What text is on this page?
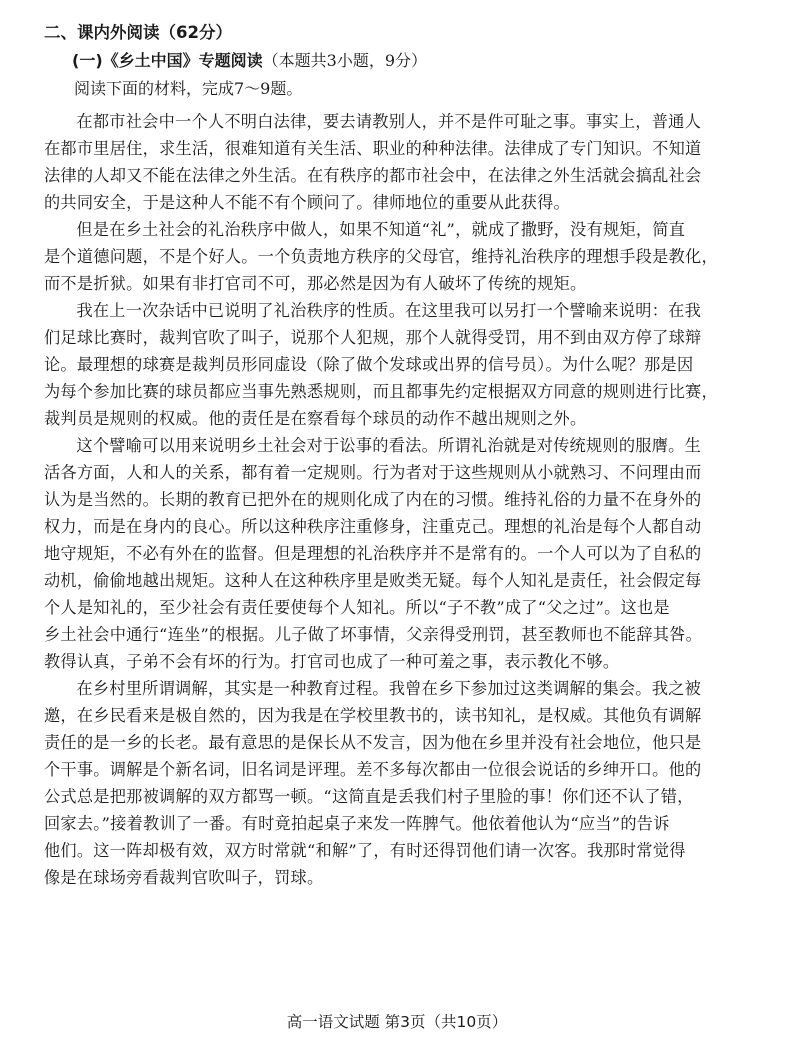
二、课内外阅读（62分）

(一)《乡土中国》专题阅读（本题共3小题，9分）

阅读下面的材料，完成7～9题。

在都市社会中一个人不明白法律，要去请教别人，并不是件可耻之事。事实上，普通人
在都市里居住，求生活，很难知道有关生活、职业的种种法律。法律成了专门知识。不知道
法律的人却又不能在法律之外生活。在有秩序的都市社会中，在法律之外生活就会搞乱社会
的共同安全，于是这种人不能不有个顾问了。律师地位的重要从此获得。

但是在乡土社会的礼治秩序中做人，如果不知道“礼”，就成了撒野，没有规矩，简直
是个道德问题，不是个好人。一个负责地方秩序的父母官，维持礼治秩序的理想手段是教化，
而不是折狱。如果有非打官司不可，那必然是因为有人破坏了传统的规矩。

我在上一次杂话中已说明了礼治秩序的性质。在这里我可以另打一个譬喻来说明：在我
们足球比赛时，裁判官吹了叫子，说那个人犯规，那个人就得受罚，用不到由双方停了球辩
论。最理想的球赛是裁判员形同虚设（除了做个发球或出界的信号员）。为什么呢？那是因
为每个参加比赛的球员都应当事先熟悉规则，而且都事先约定根据双方同意的规则进行比赛，
裁判员是规则的权威。他的责任是在察看每个球员的动作不越出规则之外。

这个譬喻可以用来说明乡土社会对于讼事的看法。所谓礼治就是对传统规则的服膺。生
活各方面，人和人的关系，都有着一定规则。行为者对于这些规则从小就熟习、不问理由而
认为是当然的。长期的教育已把外在的规则化成了内在的习惯。维持礼俗的力量不在身外的
权力，而是在身内的良心。所以这种秩序注重修身，注重克己。理想的礼治是每个人都自动
地守规矩，不必有外在的监督。但是理想的礼治秩序并不是常有的。一个人可以为了自私的
动机，偷偷地越出规矩。这种人在这种秩序里是败类无疑。每个人知礼是责任，社会假定每
个人是知礼的，至少社会有责任要使每个人知礼。所以“子不教”成了“父之过”。这也是
乡土社会中通行“连坐”的根据。儿子做了坏事情，父亲得受刑罚，甚至教师也不能辞其咎。
教得认真，子弟不会有坏的行为。打官司也成了一种可羞之事，表示教化不够。

在乡村里所谓调解，其实是一种教育过程。我曾在乡下参加过这类调解的集会。我之被
邀，在乡民看来是极自然的，因为我是在学校里教书的，读书知礼，是权威。其他负有调解
责任的是一乡的长老。最有意思的是保长从不发言，因为他在乡里并没有社会地位，他只是
个干事。调解是个新名词，旧名词是评理。差不多每次都由一位很会说话的乡绅开口。他的
公式总是把那被调解的双方都骂一顿。“这简直是丢我们村子里脸的事！你们还不认了错，
回家去。”接着教训了一番。有时竟拍起桌子来发一阵脾气。他依着他认为“应当”的告诉
他们。这一阵却极有效，双方时常就“和解”了，有时还得罚他们请一次客。我那时常觉得
像是在球场旁看裁判官吹叫子，罚球。

高一语文试题 第3页（共10页）
